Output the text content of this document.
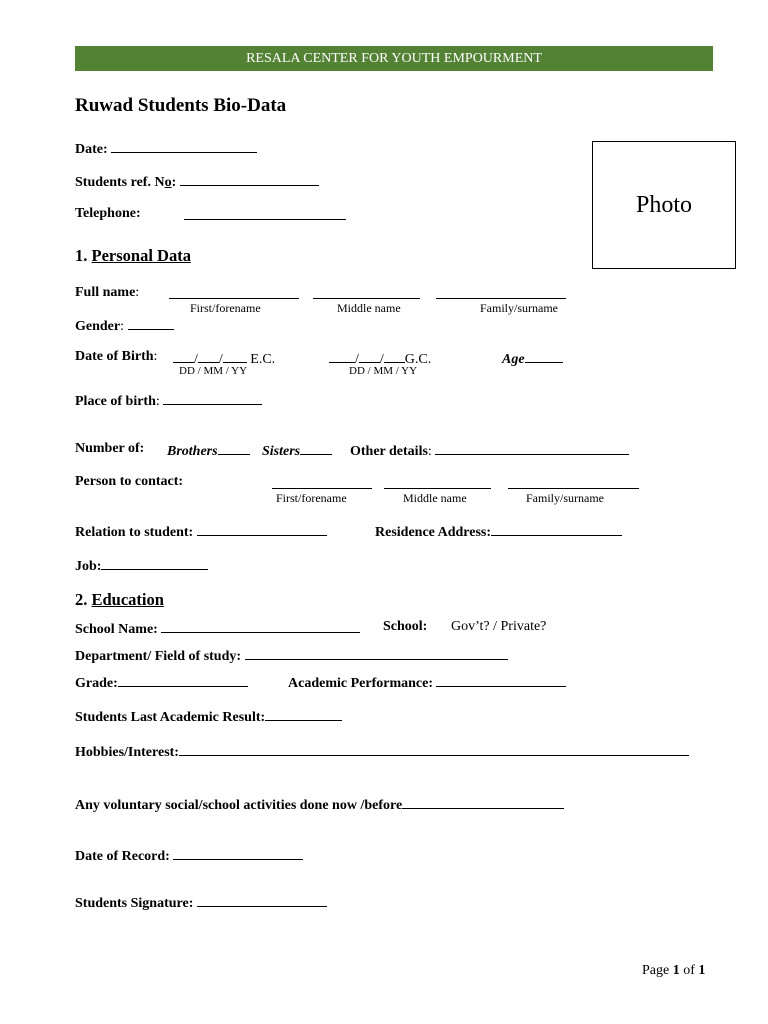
RESALA CENTER FOR YOUTH EMPOURMENT
Ruwad Students Bio-Data
Photo
Date:
Students ref. No:
Telephone:
1. Personal Data
Full name:
First/forename	Middle name	Family/surname
Gender:
Date of Birth:	/ / E.C.
DD / MM / YY
/ / G.C.
DD / MM / YY
Age
Place of birth:
Number of: Brothers	Sisters	Other details:
Person to contact:
First/forename	Middle name	Family/surname
Relation to student:	Residence Address:
Job:
2. Education
School Name:	School: Gov’t? / Private?
Department/ Field of study:
Grade:	Academic Performance:
Students Last Academic Result:
Hobbies/Interest:
Any voluntary social/school activities done now /before
Date of Record:
Students Signature:
Page 1 of 1
